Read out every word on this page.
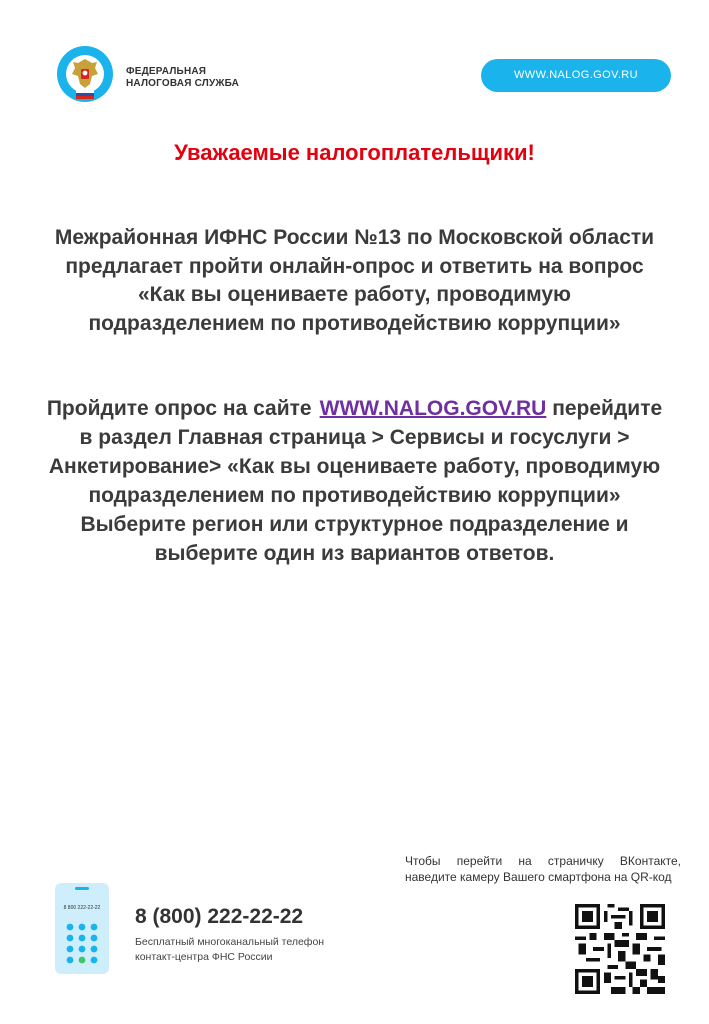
ФЕДЕРАЛЬНАЯ
НАЛОГОВАЯ СЛУЖБА
WWW.NALOG.GOV.RU
Уважаемые налогоплательщики!
Межрайонная ИФНС России №13 по Московской области предлагает пройти онлайн-опрос и ответить на вопрос «Как вы оцениваете работу, проводимую подразделением по противодействию коррупции»
Пройдите опрос на сайте WWW.NALOG.GOV.RU перейдите в раздел Главная страница > Сервисы и госуслуги > Анкетирование> «Как вы оцениваете работу, проводимую подразделением по противодействию коррупции» Выберите регион или структурное подразделение и выберите один из вариантов ответов.
Чтобы перейти на страничку ВКонтакте, наведите камеру Вашего смартфона на QR-код
8 800 222-22-22 8 (800) 222-22-22
Бесплатный многоканальный телефон
контакт-центра ФНС России
